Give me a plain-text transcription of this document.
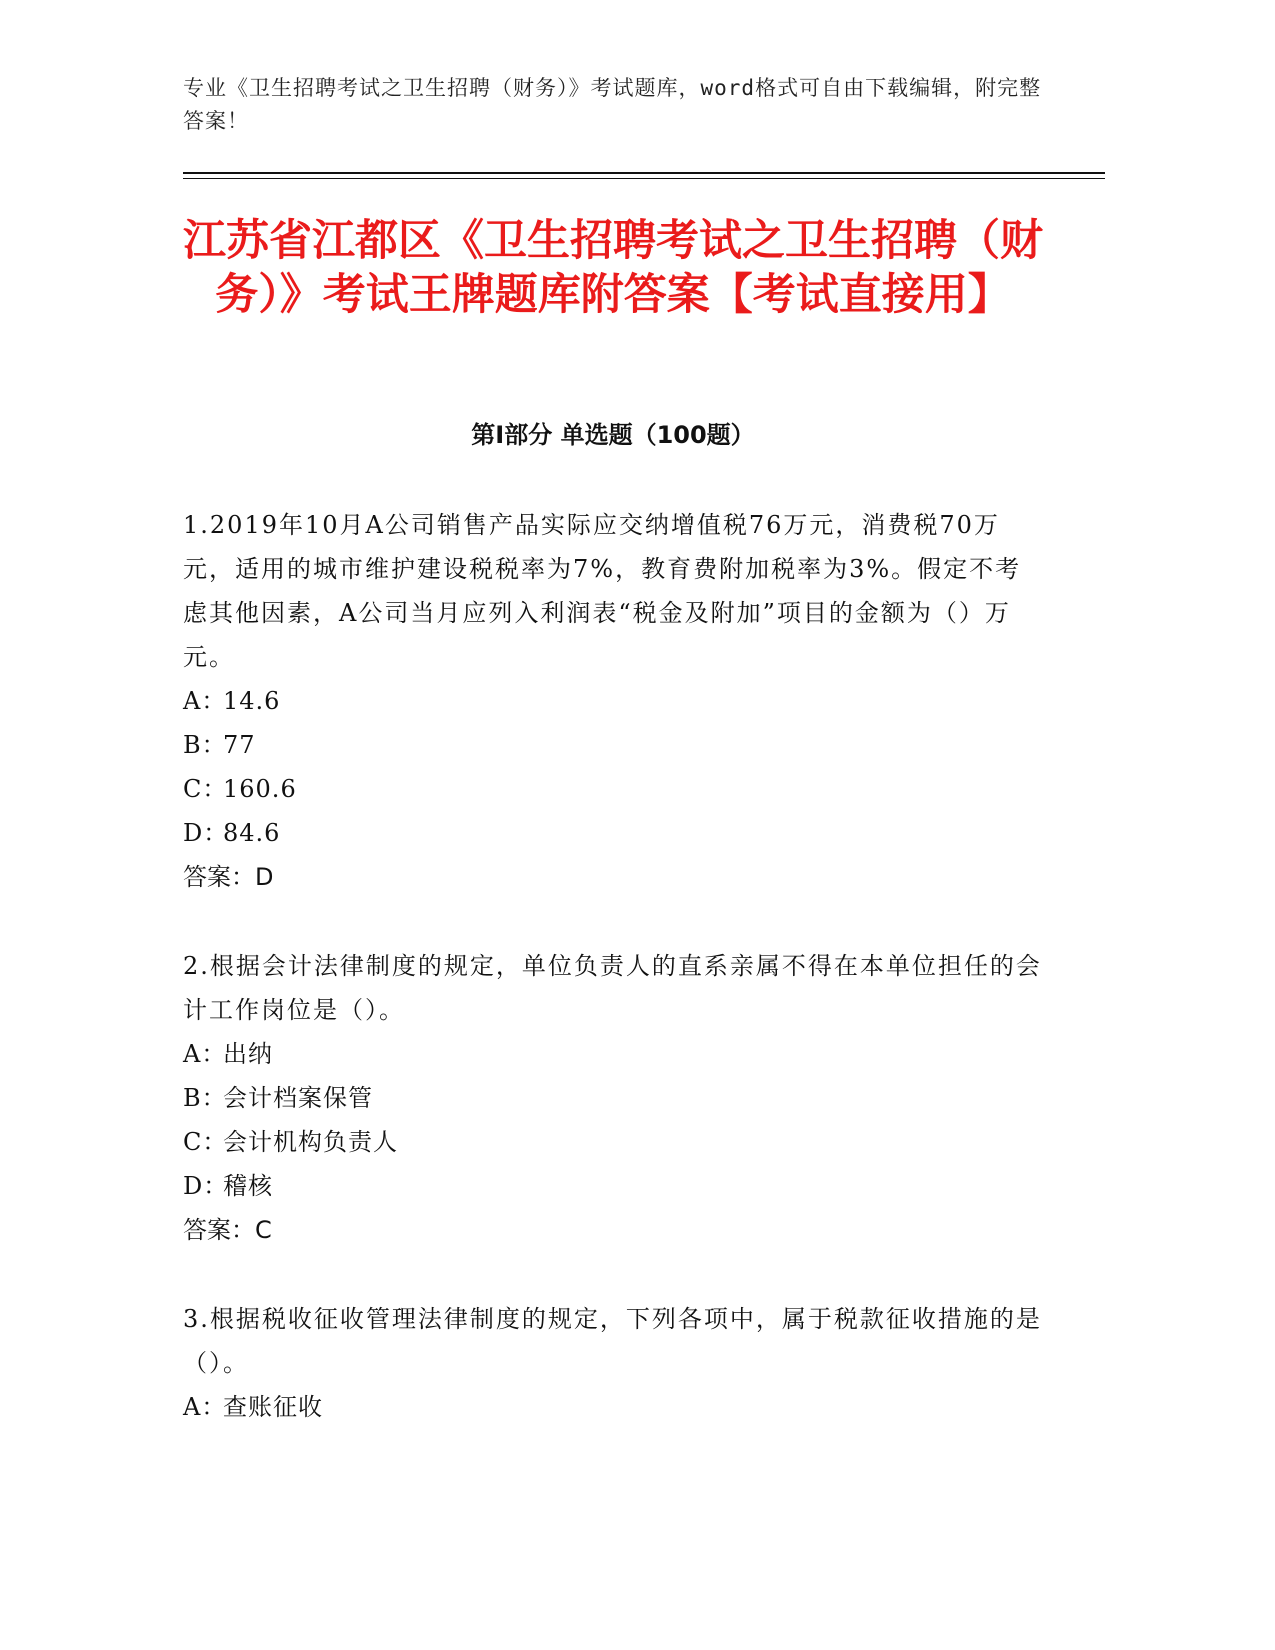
专业《卫生招聘考试之卫生招聘（财务）》考试题库，word格式可自由下载编辑，附完整答案！
江苏省江都区《卫生招聘考试之卫生招聘（财务）》考试王牌题库附答案【考试直接用】
第Ⅰ部分 单选题（100题）

1.2019年10月A公司销售产品实际应交纳增值税76万元，消费税70万元，适用的城市维护建设税税率为7%，教育费附加税率为3%。假定不考虑其他因素，A公司当月应列入利润表“税金及附加”项目的金额为（）万元。

A：14.6

B：77

C：160.6

D：84.6

答案：D

2.根据会计法律制度的规定，单位负责人的直系亲属不得在本单位担任的会计工作岗位是（）。

A：出纳

B：会计档案保管

C：会计机构负责人

D：稽核

答案：C

3.根据税收征收管理法律制度的规定，下列各项中，属于税款征收措施的是（）。

A：查账征收
